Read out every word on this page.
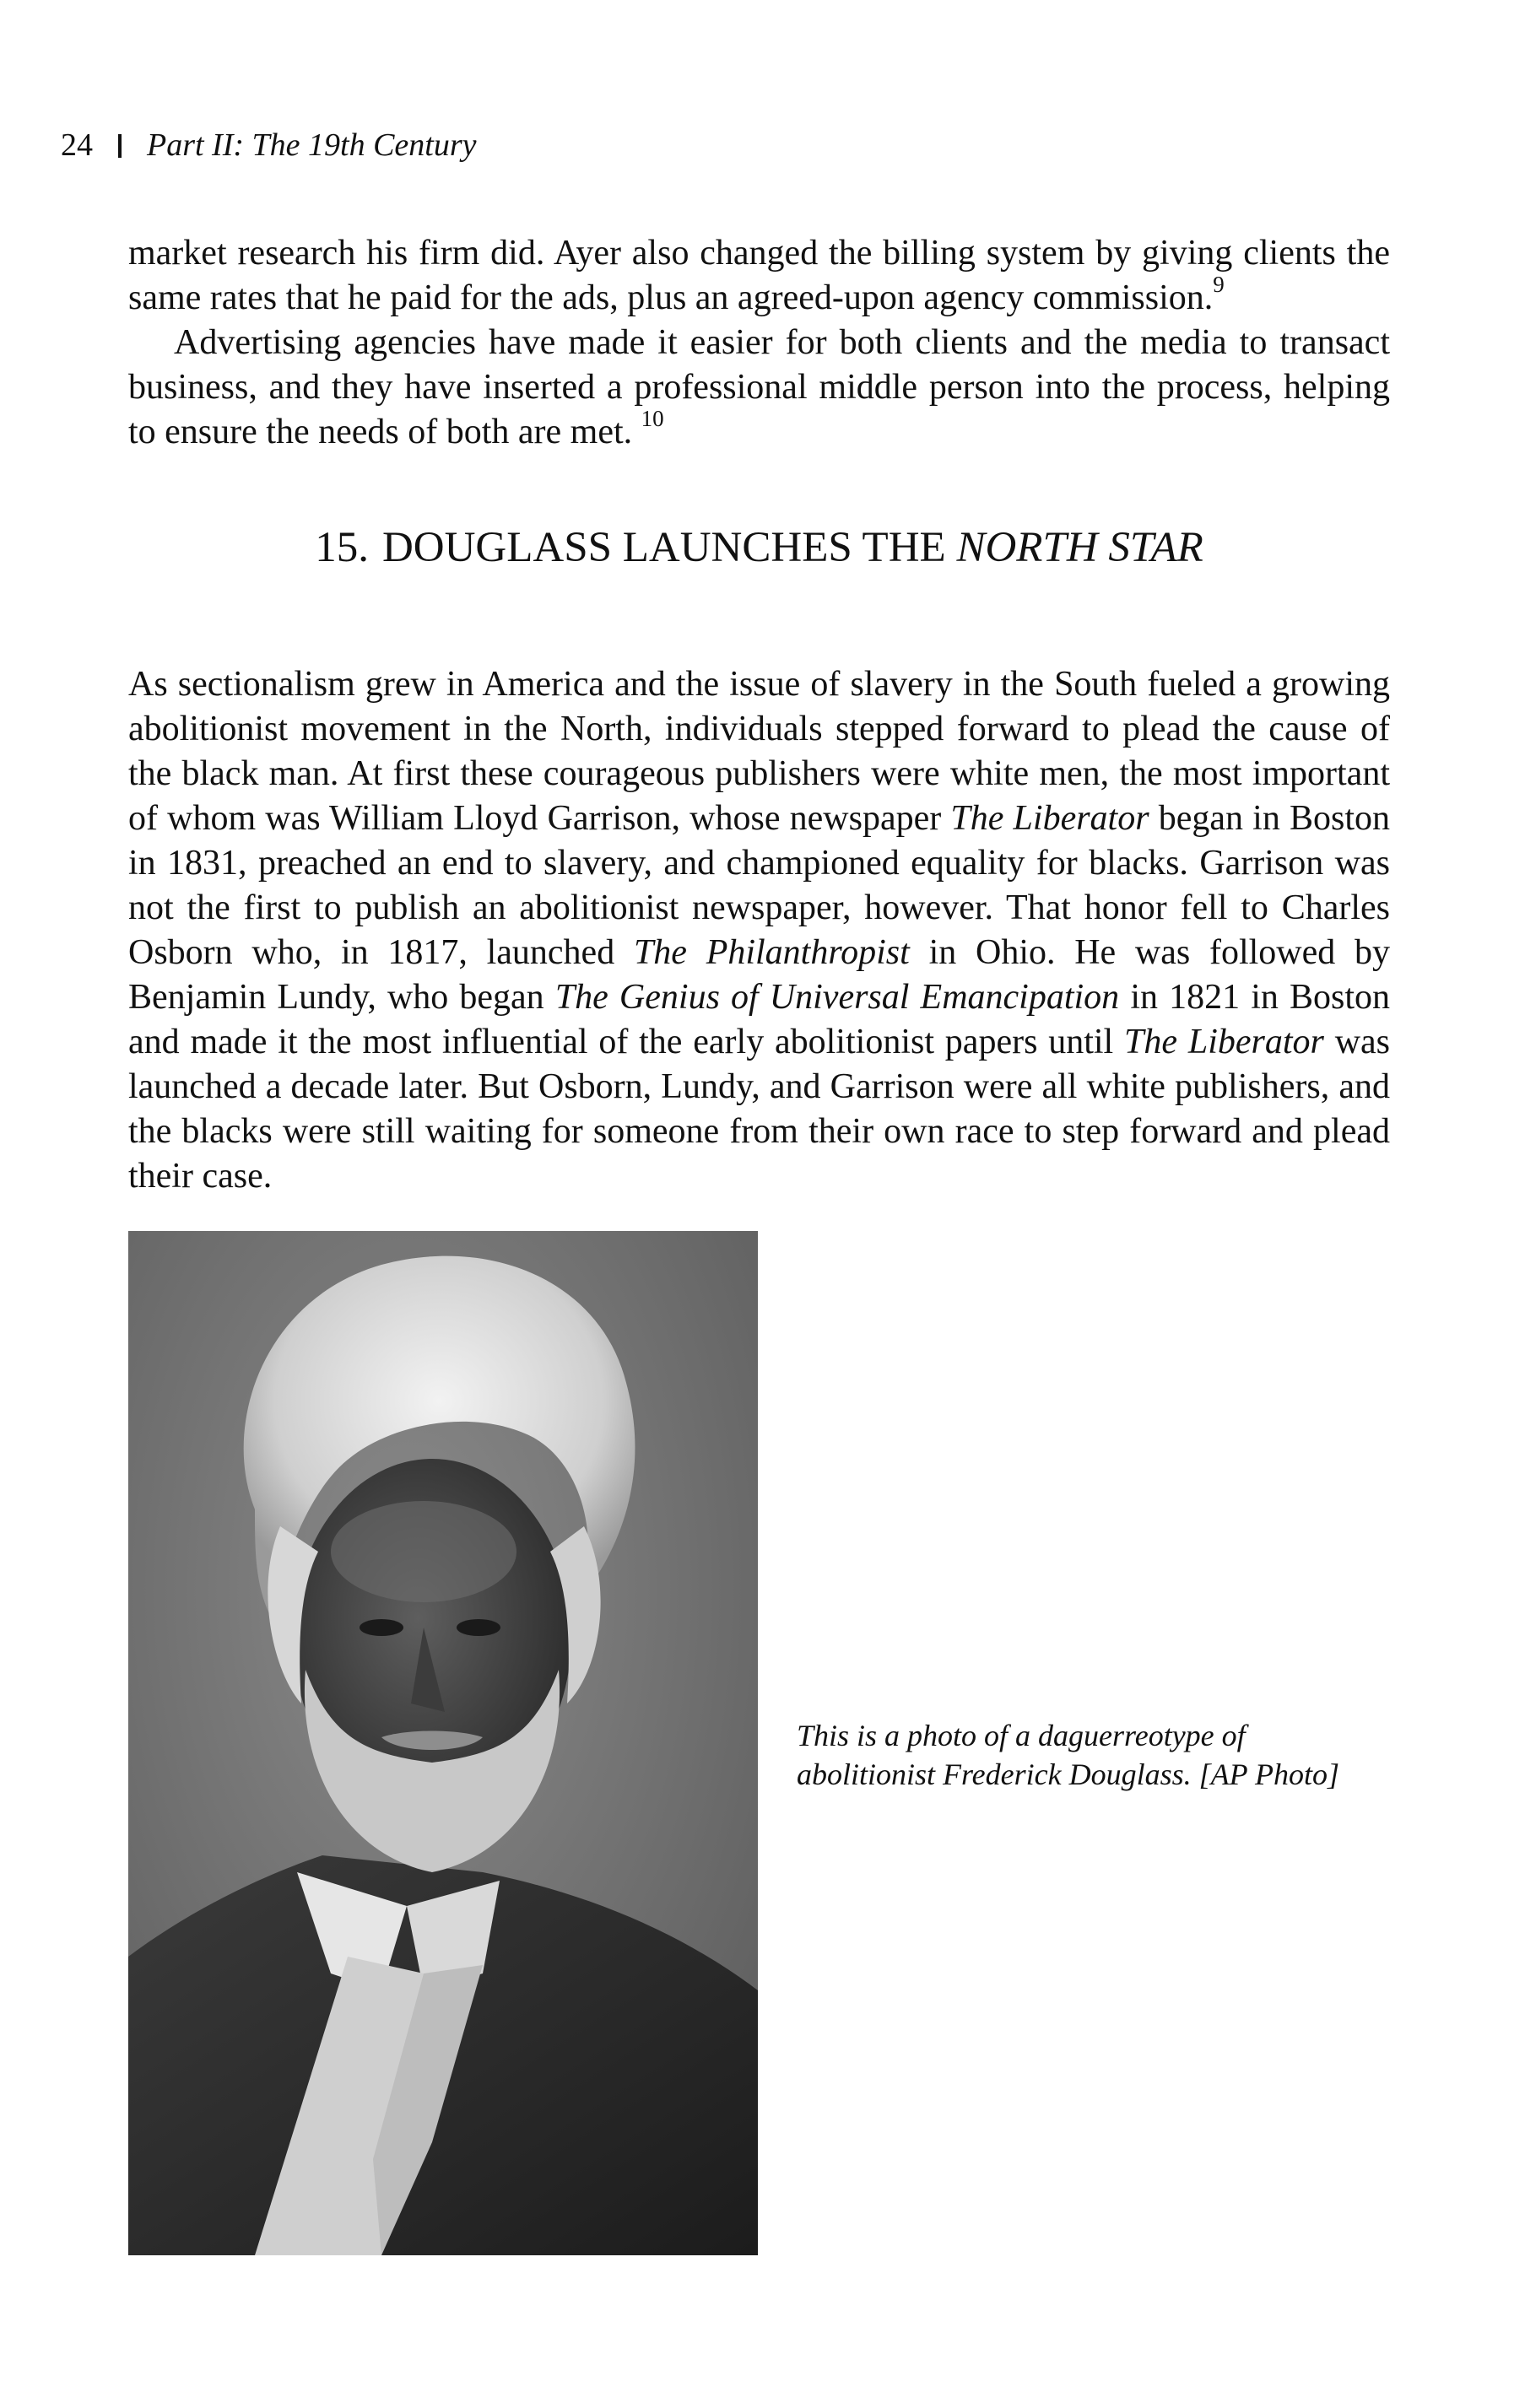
24 Part II: The 19th Century

market research his firm did. Ayer also changed the billing system by giving clients the same rates that he paid for the ads, plus an agreed-upon agency commission.$^9$

Advertising agencies have made it easier for both clients and the media to transact business, and they have inserted a professional middle person into the process, helping to ensure the needs of both are met. $^{10}$

15. DOUGLASS LAUNCHES THE NORTH STAR

As sectionalism grew in America and the issue of slavery in the South fueled a growing abolitionist movement in the North, individuals stepped forward to plead the cause of the black man. At first these courageous publishers were white men, the most important of whom was William Lloyd Garrison, whose newspaper The Liberator began in Boston in 1831, preached an end to slavery, and championed equality for blacks. Garrison was not the first to publish an abolitionist newspaper, however. That honor fell to Charles Osborn who, in 1817, launched The Philanthropist in Ohio. He was followed by Benjamin Lundy, who began The Genius of Universal Emancipation in 1821 in Boston and made it the most influential of the early abolitionist papers until The Liberator was launched a decade later. But Osborn, Lundy, and Garrison were all white publishers, and the blacks were still waiting for someone from their own race to step forward and plead their case.

This is a photo of a daguerreotype of
abolitionist Frederick Douglass. [AP Photo]
